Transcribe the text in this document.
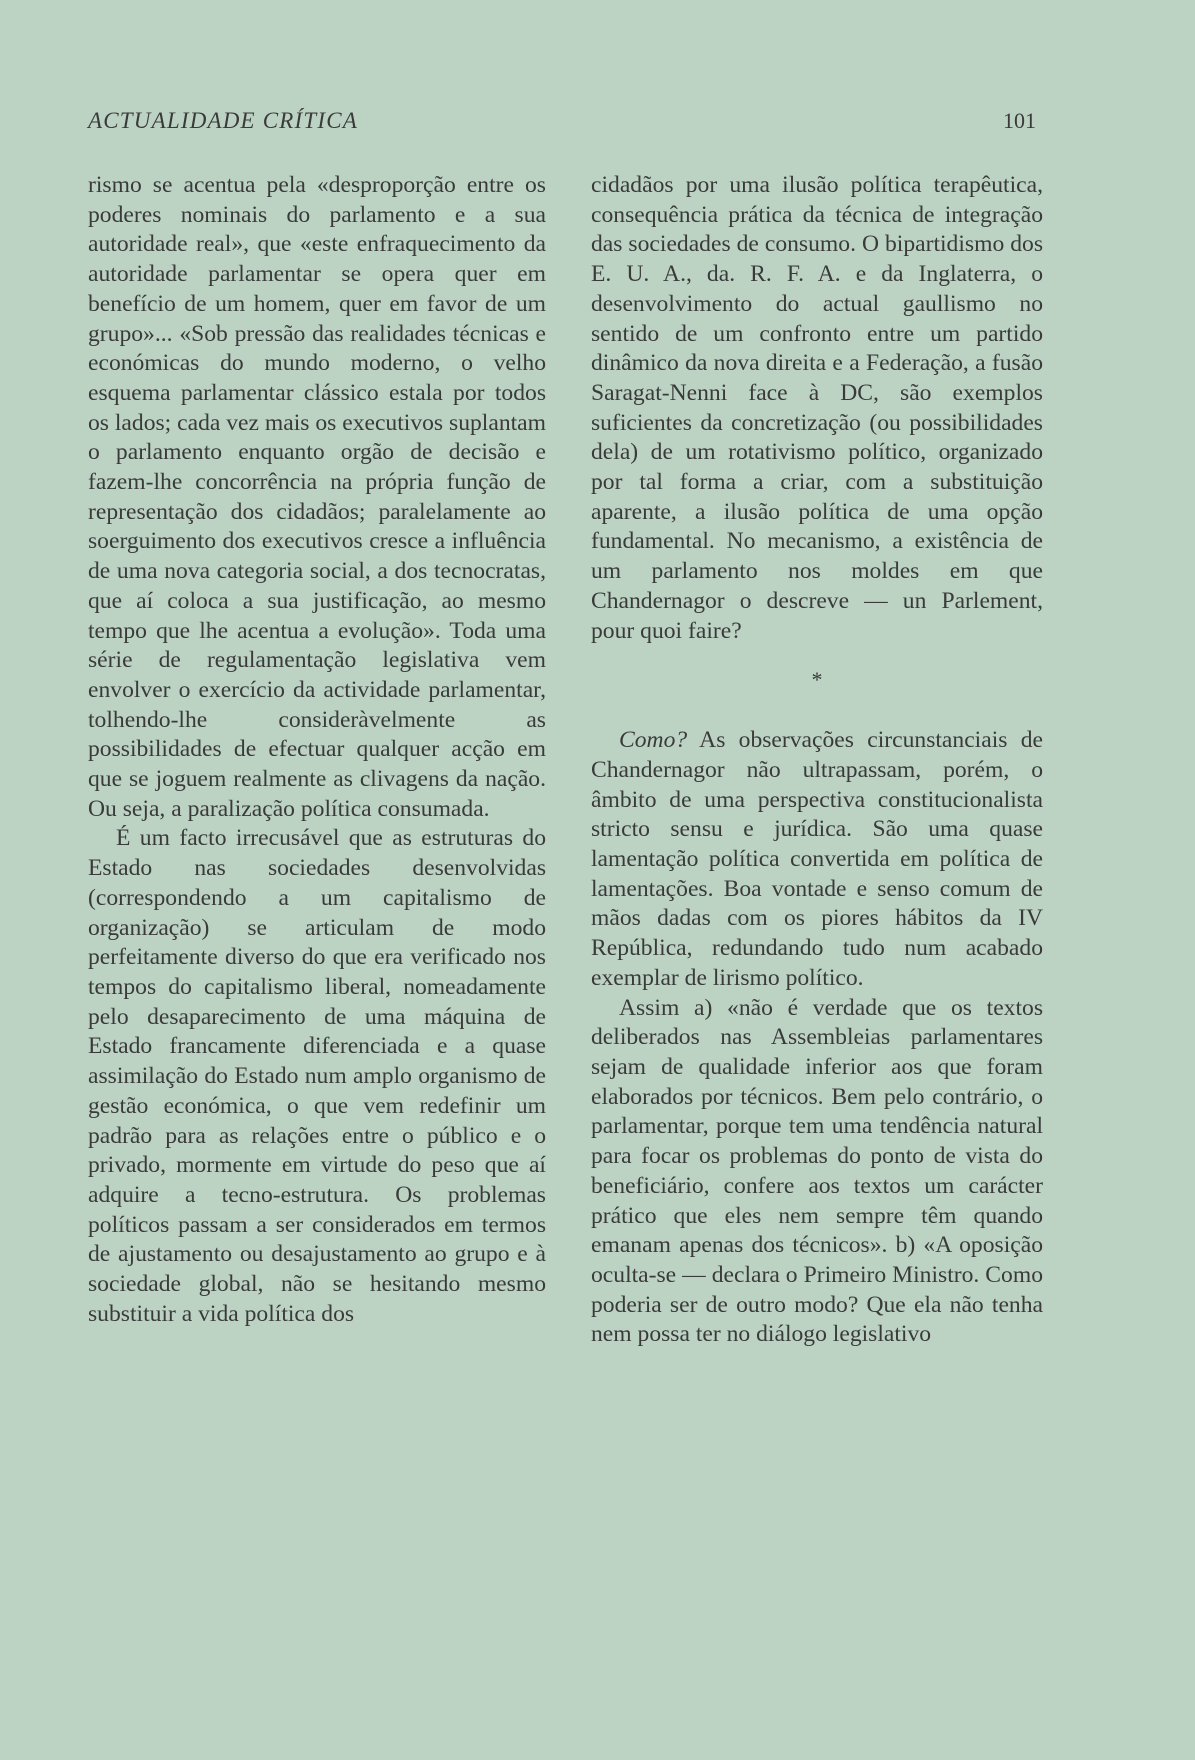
ACTUALIDADE CRÍTICA	101

rismo se acentua pela «desproporção entre os poderes nominais do parlamento e a sua autoridade real», que «este enfraquecimento da autoridade parlamentar se opera quer em benefício de um homem, quer em favor de um grupo»... «Sob pressão das realidades técnicas e económicas do mundo moderno, o velho esquema parlamentar clássico estala por todos os lados; cada vez mais os executivos suplantam o parlamento enquanto orgão de decisão e fazem-lhe concorrência na própria função de representação dos cidadãos; paralelamente ao soerguimento dos executivos cresce a influência de uma nova categoria social, a dos tecnocratas, que aí coloca a sua justificação, ao mesmo tempo que lhe acentua a evolução». Toda uma série de regulamentação legislativa vem envolver o exercício da actividade parlamentar, tolhendo-lhe consideràvelmente as possibilidades de efectuar qualquer acção em que se joguem realmente as clivagens da nação. Ou seja, a paralização política consumada.

É um facto irrecusável que as estruturas do Estado nas sociedades desenvolvidas (correspondendo a um capitalismo de organização) se articulam de modo perfeitamente diverso do que era verificado nos tempos do capitalismo liberal, nomeadamente pelo desaparecimento de uma máquina de Estado francamente diferenciada e a quase assimilação do Estado num amplo organismo de gestão económica, o que vem redefinir um padrão para as relações entre o público e o privado, mormente em virtude do peso que aí adquire a tecno-estrutura. Os problemas políticos passam a ser considerados em termos de ajustamento ou desajustamento ao grupo e à sociedade global, não se hesitando mesmo substituir a vida política dos

cidadãos por uma ilusão política terapêutica, consequência prática da técnica de integração das sociedades de consumo. O bipartidismo dos E. U. A., da. R. F. A. e da Inglaterra, o desenvolvimento do actual gaullismo no sentido de um confronto entre um partido dinâmico da nova direita e a Federação, a fusão Saragat-Nenni face à DC, são exemplos suficientes da concretização (ou possibilidades dela) de um rotativismo político, organizado por tal forma a criar, com a substituição aparente, a ilusão política de uma opção fundamental. No mecanismo, a existência de um parlamento nos moldes em que Chandernagor o descreve — un Parlement, pour quoi faire?

*

Como? As observações circunstanciais de Chandernagor não ultrapassam, porém, o âmbito de uma perspectiva constitucionalista stricto sensu e jurídica. São uma quase lamentação política convertida em política de lamentações. Boa vontade e senso comum de mãos dadas com os piores hábitos da IV República, redundando tudo num acabado exemplar de lirismo político.

Assim a) «não é verdade que os textos deliberados nas Assembleias parlamentares sejam de qualidade inferior aos que foram elaborados por técnicos. Bem pelo contrário, o parlamentar, porque tem uma tendência natural para focar os problemas do ponto de vista do beneficiário, confere aos textos um carácter prático que eles nem sempre têm quando emanam apenas dos técnicos». b) «A oposição oculta-se — declara o Primeiro Ministro. Como poderia ser de outro modo? Que ela não tenha nem possa ter no diálogo legislativo
